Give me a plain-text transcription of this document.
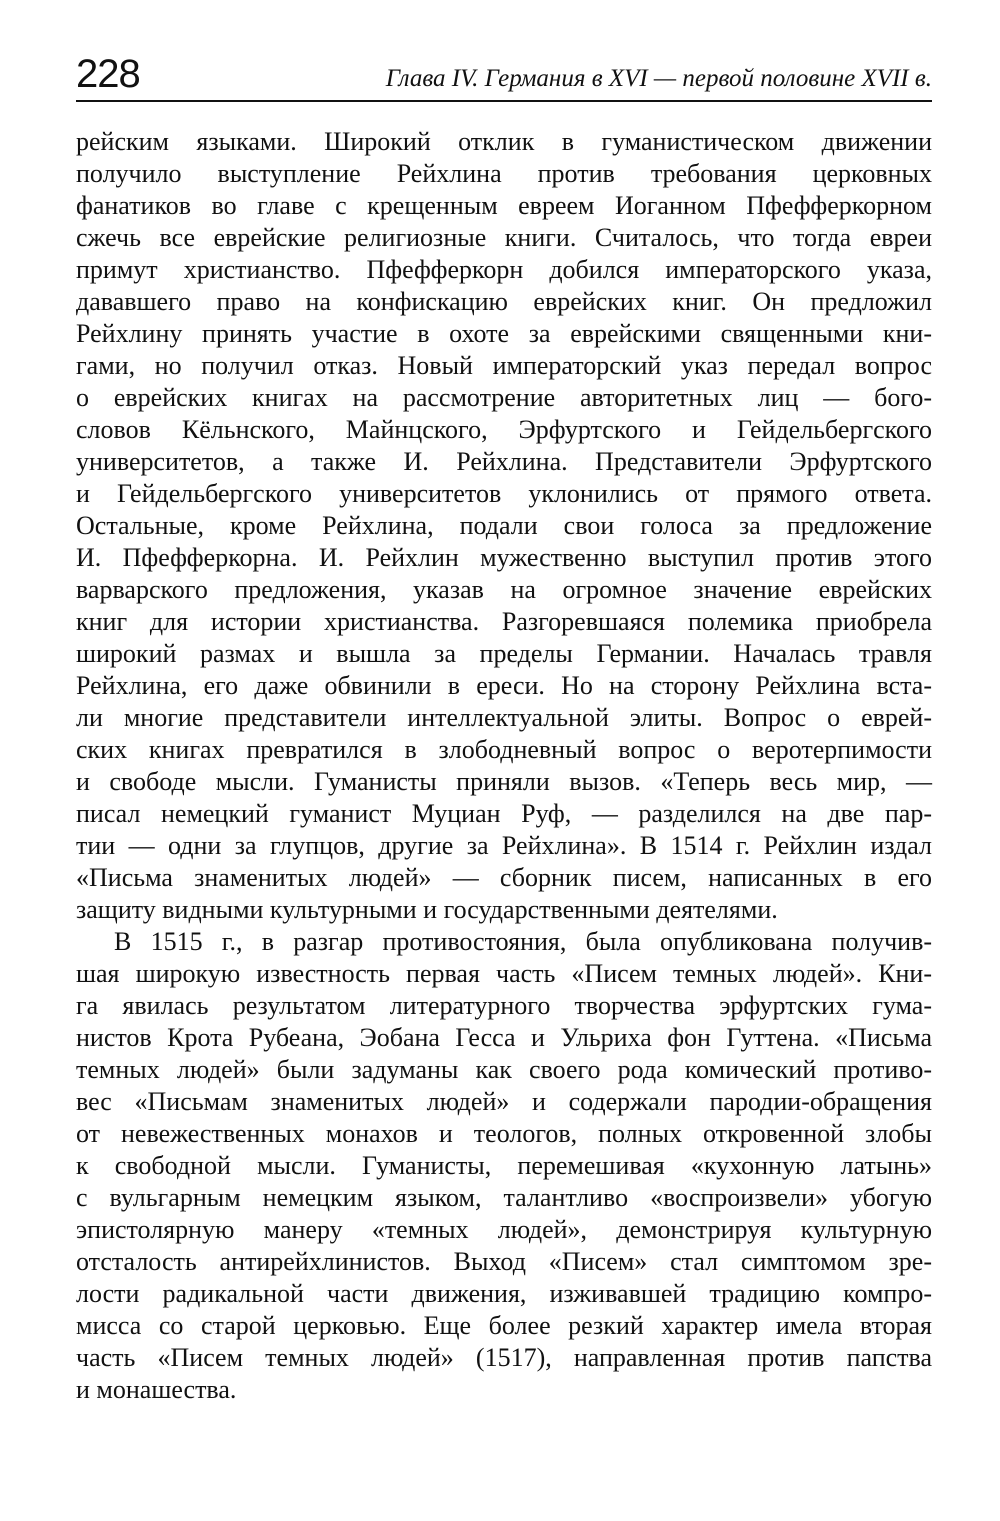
228	Глава IV. Германия в XVI — первой половине XVII в.
рейским языками. Широкий отклик в гуманистическом движении
получило выступление Рейхлина против требования церковных
фанатиков во главе с крещенным евреем Иоганном Пфефферкорном
сжечь все еврейские религиозные книги. Считалось, что тогда евреи
примут христианство. Пфефферкорн добился императорского указа,
дававшего право на конфискацию еврейских книг. Он предложил
Рейхлину принять участие в охоте за еврейскими священными кни-
гами, но получил отказ. Новый императорский указ передал вопрос
о еврейских книгах на рассмотрение авторитетных лиц — бого-
словов Кёльнского, Майнцского, Эрфуртского и Гейдельбергского
университетов, а также И. Рейхлина. Представители Эрфуртского
и Гейдельбергского университетов уклонились от прямого ответа.
Остальные, кроме Рейхлина, подали свои голоса за предложение
И. Пфефферкорна. И. Рейхлин мужественно выступил против этого
варварского предложения, указав на огромное значение еврейских
книг для истории христианства. Разгоревшаяся полемика приобрела
широкий размах и вышла за пределы Германии. Началась травля
Рейхлина, его даже обвинили в ереси. Но на сторону Рейхлина вста-
ли многие представители интеллектуальной элиты. Вопрос о еврей-
ских книгах превратился в злободневный вопрос о веротерпимости
и свободе мысли. Гуманисты приняли вызов. «Теперь весь мир, —
писал немецкий гуманист Муциан Руф, — разделился на две пар-
тии — одни за глупцов, другие за Рейхлина». В 1514 г. Рейхлин издал
«Письма знаменитых людей» — сборник писем, написанных в его
защиту видными культурными и государственными деятелями.
В 1515 г., в разгар противостояния, была опубликована получив-
шая широкую известность первая часть «Писем темных людей». Кни-
га явилась результатом литературного творчества эрфуртских гума-
нистов Крота Рубеана, Эобана Гесса и Ульриха фон Гуттена. «Письма
темных людей» были задуманы как своего рода комический противо-
вес «Письмам знаменитых людей» и содержали пародии-обращения
от невежественных монахов и теологов, полных откровенной злобы
к свободной мысли. Гуманисты, перемешивая «кухонную латынь»
с вульгарным немецким языком, талантливо «воспроизвели» убогую
эпистолярную манеру «темных людей», демонстрируя культурную
отсталость антирейхлинистов. Выход «Писем» стал симптомом зре-
лости радикальной части движения, изживавшей традицию компро-
мисса со старой церковью. Еще более резкий характер имела вторая
часть «Писем темных людей» (1517), направленная против папства
и монашества.
